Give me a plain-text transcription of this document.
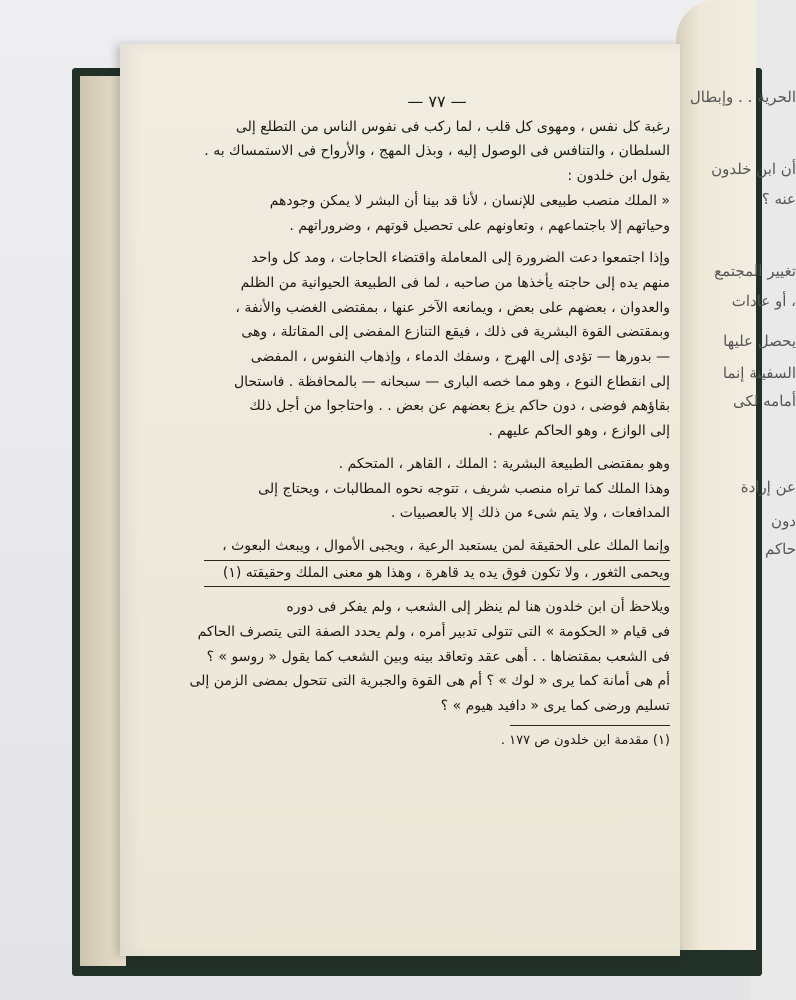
الحرية . . وإبطال
أن ابن خلدون
عنه ؟
تغيير المجتمع
، أو عادات
يحصل عليها
السفينة إنما
أمامه لكى
عن إرادة
دون
حاكم
— ٧٧ —
رغبة كل نفس ، ومهوى كل قلب ، لما ركب فى نفوس الناس من التطلع إلى
السلطان ، والتنافس فى الوصول إليه ، وبذل المهج ، والأرواح فى الاستمساك به .
يقول ابن خلدون :
« الملك منصب طبيعى للإنسان ، لأنا قد بينا أن البشر لا يمكن وجودهم
وحياتهم إلا باجتماعهم ، وتعاونهم على تحصيل قوتهم ، وضروراتهم .
وإذا اجتمعوا دعت الضرورة إلى المعاملة واقتضاء الحاجات ، ومد كل واحد
منهم يده إلى حاجته يأخذها من صاحبه ، لما فى الطبيعة الحيوانية من الظلم
والعدوان ، بعضهم على بعض ، ويمانعه الآخر عنها ، بمقتضى الغضب والأنفة ،
وبمقتضى القوة البشرية فى ذلك ، فيقع التنازع المفضى إلى المقاتلة ، وهى
— بدورها — تؤدى إلى الهرج ، وسفك الدماء ، وإذهاب النفوس ، المفضى
إلى انقطاع النوع ، وهو مما خصه البارى — سبحانه — بالمحافظة . فاستحال
بقاؤهم فوضى ، دون حاكم يزع بعضهم عن بعض . . واحتاجوا من أجل ذلك
إلى الوازع ، وهو الحاكم عليهم .
وهو بمقتضى الطبيعة البشرية : الملك ، القاهر ، المتحكم .
وهذا الملك كما تراه منصب شريف ، تتوجه نحوه المطالبات ، ويحتاج إلى
المدافعات ، ولا يتم شىء من ذلك إلا بالعصبيات .
وإنما الملك على الحقيقة لمن يستعبد الرعية ، ويجبى الأموال ، ويبعث البعوث ،
ويحمى الثغور ، ولا تكون فوق يده يد قاهرة ، وهذا هو معنى الملك وحقيقته (١)
ويلاحظ أن ابن خلدون هنا لم ينظر إلى الشعب ، ولم يفكر فى دوره
فى قيام « الحكومة » التى تتولى تدبير أمره ، ولم يحدد الصفة التى يتصرف الحاكم
فى الشعب بمقتضاها . . أهى عقد وتعاقد بينه وبين الشعب كما يقول « روسو » ؟
أم هى أمانة كما يرى « لوك » ؟ أم هى القوة والجبرية التى تتحول بمضى الزمن إلى
تسليم ورضى كما يرى « دافيد هيوم » ؟
(١) مقدمة ابن خلدون ص ١٧٧ .
